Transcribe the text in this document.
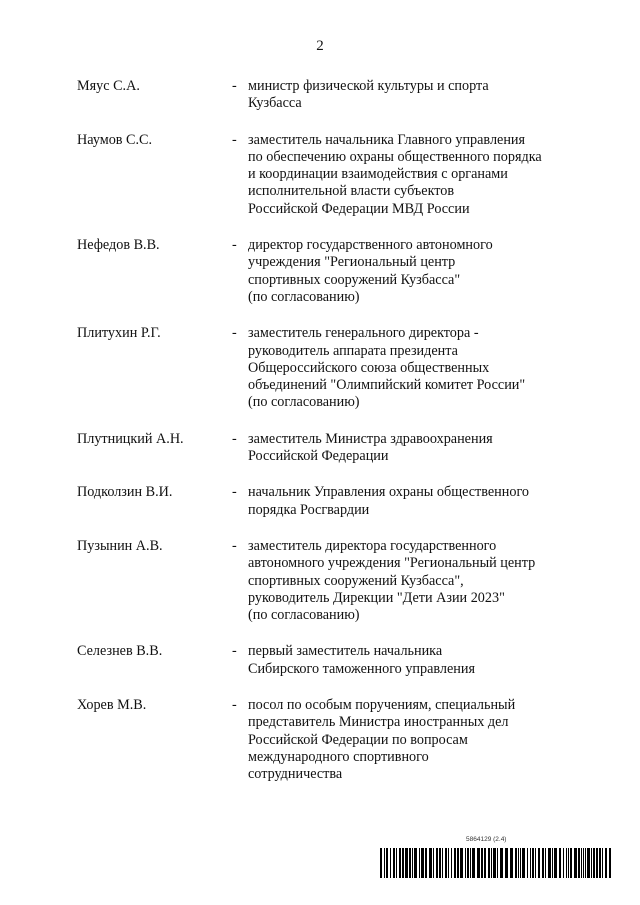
2
Мяус С.А.	- министр физической культуры и спорта
Кузбасса
Наумов С.С.	- заместитель начальника Главного управления
по обеспечению охраны общественного порядка
и координации взаимодействия с органами
исполнительной власти субъектов
Российской Федерации МВД России
Нефедов В.В.	- директор государственного автономного
учреждения "Региональный центр
спортивных сооружений Кузбасса"
(по согласованию)
Плитухин Р.Г.	- заместитель генерального директора -
руководитель аппарата президента
Общероссийского союза общественных
объединений "Олимпийский комитет России"
(по согласованию)
Плутницкий А.Н.	- заместитель Министра здравоохранения
Российской Федерации
Подколзин В.И.	- начальник Управления охраны общественного
порядка Росгвардии
Пузынин А.В.	- заместитель директора государственного
автономного учреждения "Региональный центр
спортивных сооружений Кузбасса",
руководитель Дирекции "Дети Азии 2023"
(по согласованию)
Селезнев В.В.	- первый заместитель начальника
Сибирского таможенного управления
Хорев М.В.	- посол по особым поручениям, специальный
представитель Министра иностранных дел
Российской Федерации по вопросам
международного спортивного
сотрудничества
5864129 (2.4)
